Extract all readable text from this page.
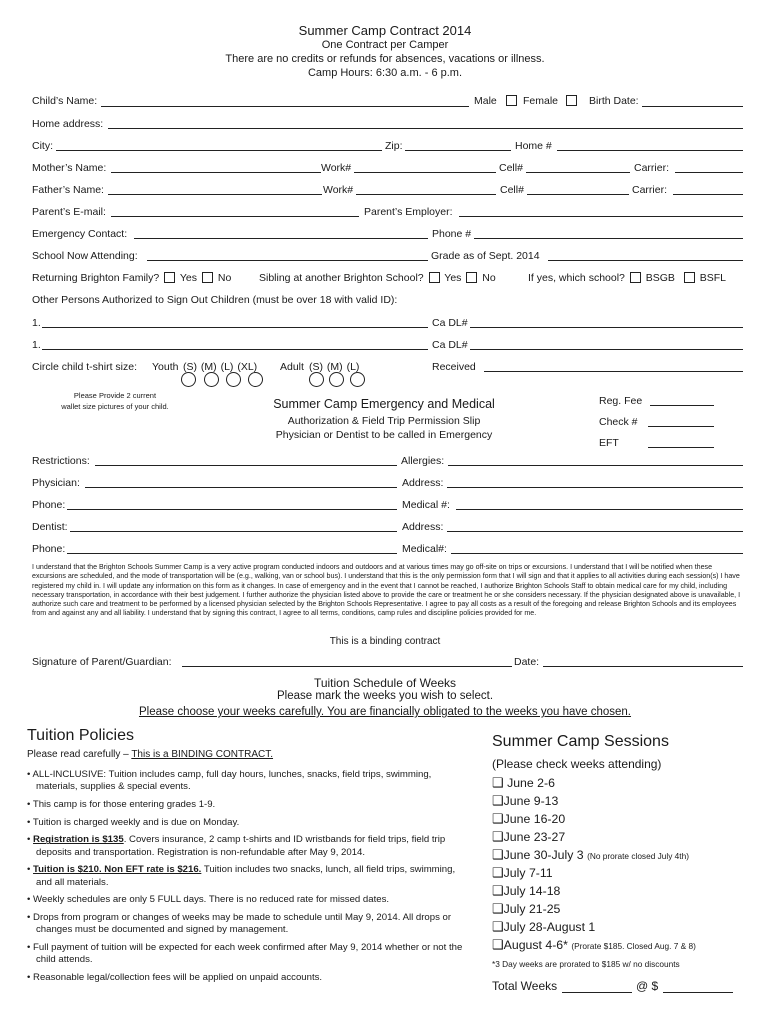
Summer Camp Contract 2014
One Contract per Camper
There are no credits or refunds for absences, vacations or illness.
Camp Hours: 6:30 a.m. - 6 p.m.
Child’s Name:	Male Female	Birth Date:
Home address:
City:	Zip:	Home #
Mother’s Name:	Work#	Cell#	Carrier:
Father’s Name:	Work#	Cell#	Carrier:
Parent’s E-mail:	Parent’s Employer:
Emergency Contact:	Phone #
School Now Attending:	Grade as of Sept. 2014
Returning Brighton Family? Yes No	Sibling at another Brighton School? Yes No	If yes, which school? BSGB BSFL
Other Persons Authorized to Sign Out Children (must be over 18 with valid ID):
1.	Ca DL#
1.	Ca DL#
Circle child t-shirt size: Youth (S) (M) (L) (XL) Adult (S) (M) (L)	Received
Please Provide 2 current
wallet size pictures of your child.	Summer Camp Emergency and Medical
Authorization & Field Trip Permission Slip
Physician or Dentist to be called in Emergency
Reg. Fee
Check #
EFT
Restrictions:	Allergies:
Physician:	Address:
Phone:	Medical #:
Dentist:	Address:
Phone:	Medical#:
I understand that the Brighton Schools Summer Camp is a very active program conducted indoors and outdoors and at various times may go off-site on trips or excursions. I understand that I will be notified when these excursions are scheduled, and the mode of transportation will be (e.g., walking, van or school bus). I understand that this is the only permission form that I will sign and that it applies to all activities during each session(s) I have registered my child in. I will update any information on this form as it changes. In case of emergency and in the event that I cannot be reached, I authorize Brighton Schools Staff to obtain medical care for my child, including necessary transportation, in accordance with their best judgement. I further authorize the physician listed above to provide the care or treatment he or she considers necessary. If the physician designated above is unavailable, I authorize such care and treatment to be performed by a licensed physician selected by the Brighton Schools Representative. I agree to pay all costs as a result of the foregoing and release Brighton Schools and its employees from and against any and all liability. I understand that by signing this contract, I agree to all terms, conditions, camp rules and discipline policies provided for me.
This is a binding contract
Signature of Parent/Guardian:	Date:
Tuition Schedule of Weeks
Please mark the weeks you wish to select.
Please choose your weeks carefully. You are financially obligated to the weeks you have chosen.
Tuition Policies
Please read carefully – This is a BINDING CONTRACT.
• ALL-INCLUSIVE: Tuition includes camp, full day hours, lunches, snacks, field trips, swimming, materials, supplies & special events.
• This camp is for those entering grades 1-9.
• Tuition is charged weekly and is due on Monday.
• Registration is $135. Covers insurance, 2 camp t-shirts and ID wristbands for field trips, field trip deposits and transportation. Registration is non-refundable after May 9, 2014.
• Tuition is $210. Non EFT rate is $216. Tuition includes two snacks, lunch, all field trips, swimming, and all materials.
• Weekly schedules are only 5 FULL days. There is no reduced rate for missed dates.
• Drops from program or changes of weeks may be made to schedule until May 9, 2014. All drops or changes must be documented and signed by management.
• Full payment of tuition will be expected for each week confirmed after May 9, 2014 whether or not the child attends.
• Reasonable legal/collection fees will be applied on unpaid accounts.
Summer Camp Sessions
(Please check weeks attending)
❑ June 2-6
❑June 9-13
❑June 16-20
❑June 23-27
❑June 30-July 3 (No prorate closed July 4th)
❑July 7-11
❑July 14-18
❑July 21-25
❑July 28-August 1
❑August 4-6* (Prorate $185. Closed Aug. 7 & 8)
*3 Day weeks are prorated to $185 w/ no discounts
Total Weeks	@ $
